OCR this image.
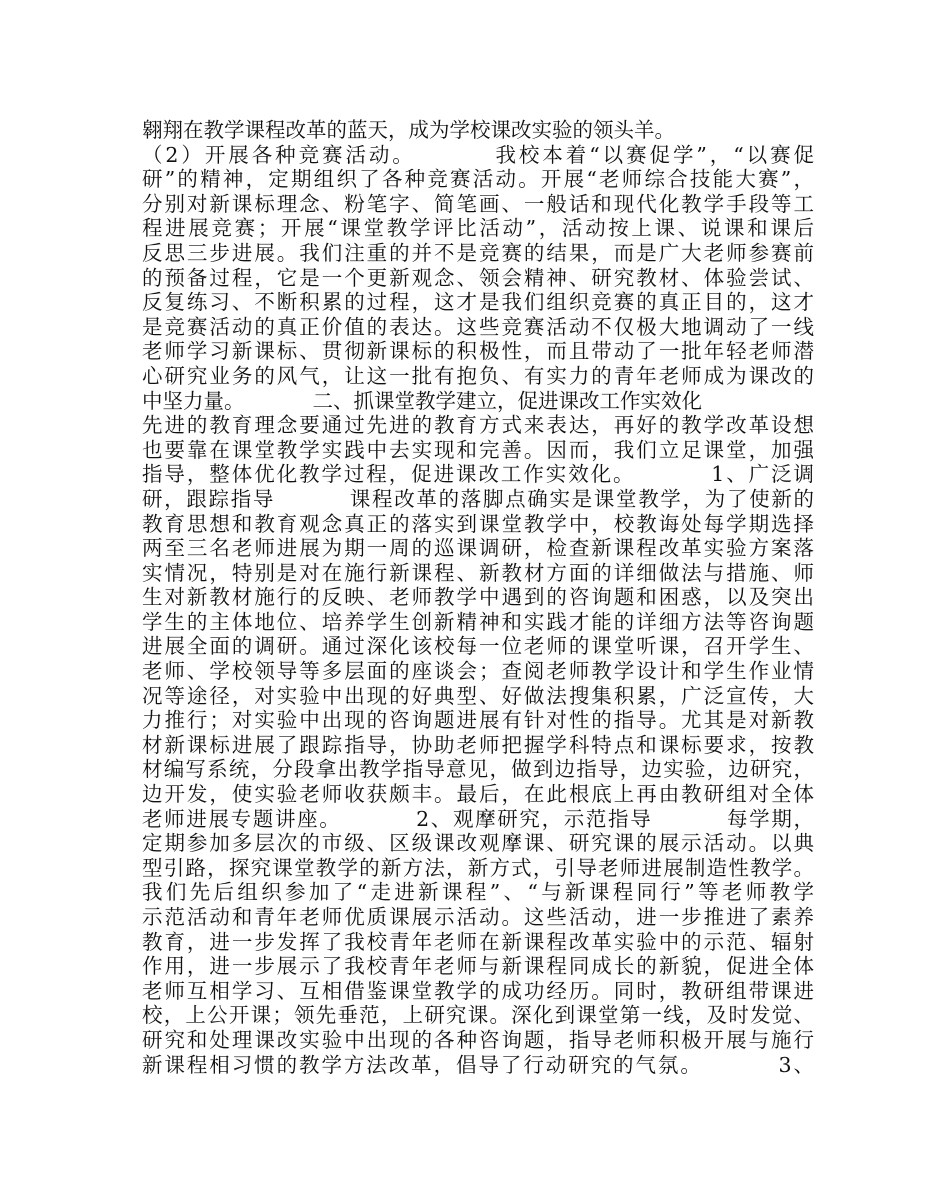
翱翔在教学课程改革的蓝天，成为学校课改实验的领头羊。
（2）开展各种竞赛活动。 　　　我校本着“以赛促学”，“以赛促
研”的精神，定期组织了各种竞赛活动。开展“老师综合技能大赛”，
分别对新课标理念、粉笔字、简笔画、一般话和现代化教学手段等工
程进展竞赛；开展“课堂教学评比活动”，活动按上课、说课和课后
反思三步进展。我们注重的并不是竞赛的结果，而是广大老师参赛前
的预备过程，它是一个更新观念、领会精神、研究教材、体验尝试、
反复练习、不断积累的过程，这才是我们组织竞赛的真正目的，这才
是竞赛活动的真正价值的表达。这些竞赛活动不仅极大地调动了一线
老师学习新课标、贯彻新课标的积极性，而且带动了一批年轻老师潜
心研究业务的风气，让这一批有抱负、有实力的青年老师成为课改的
中坚力量。 　　　二、抓课堂教学建立，促进课改工作实效化
先进的教育理念要通过先进的教育方式来表达，再好的教学改革设想
也要靠在课堂教学实践中去实现和完善。因而，我们立足课堂，加强
指导，整体优化教学过程，促进课改工作实效化。 　　　1、广泛调
研，跟踪指导 　　　课程改革的落脚点确实是课堂教学，为了使新的
教育思想和教育观念真正的落实到课堂教学中，校教诲处每学期选择
两至三名老师进展为期一周的巡课调研，检查新课程改革实验方案落
实情况，特别是对在施行新课程、新教材方面的详细做法与措施、师
生对新教材施行的反映、老师教学中遇到的咨询题和困惑，以及突出
学生的主体地位、培养学生创新精神和实践才能的详细方法等咨询题
进展全面的调研。通过深化该校每一位老师的课堂听课，召开学生、
老师、学校领导等多层面的座谈会；查阅老师教学设计和学生作业情
况等途径，对实验中出现的好典型、好做法搜集积累，广泛宣传，大
力推行；对实验中出现的咨询题进展有针对性的指导。尤其是对新教
材新课标进展了跟踪指导，协助老师把握学科特点和课标要求，按教
材编写系统，分段拿出教学指导意见，做到边指导，边实验，边研究，
边开发，使实验老师收获颇丰。最后，在此根底上再由教研组对全体
老师进展专题讲座。 　　　2、观摩研究，示范指导 　　　每学期，
定期参加多层次的市级、区级课改观摩课、研究课的展示活动。以典
型引路，探究课堂教学的新方法，新方式，引导老师进展制造性教学。
我们先后组织参加了“走进新课程”、“与新课程同行”等老师教学
示范活动和青年老师优质课展示活动。这些活动，进一步推进了素养
教育，进一步发挥了我校青年老师在新课程改革实验中的示范、辐射
作用，进一步展示了我校青年老师与新课程同成长的新貌，促进全体
老师互相学习、互相借鉴课堂教学的成功经历。同时，教研组带课进
校，上公开课；领先垂范，上研究课。深化到课堂第一线，及时发觉、
研究和处理课改实验中出现的各种咨询题，指导老师积极开展与施行
新课程相习惯的教学方法改革，倡导了行动研究的气氛。 　　　3、
